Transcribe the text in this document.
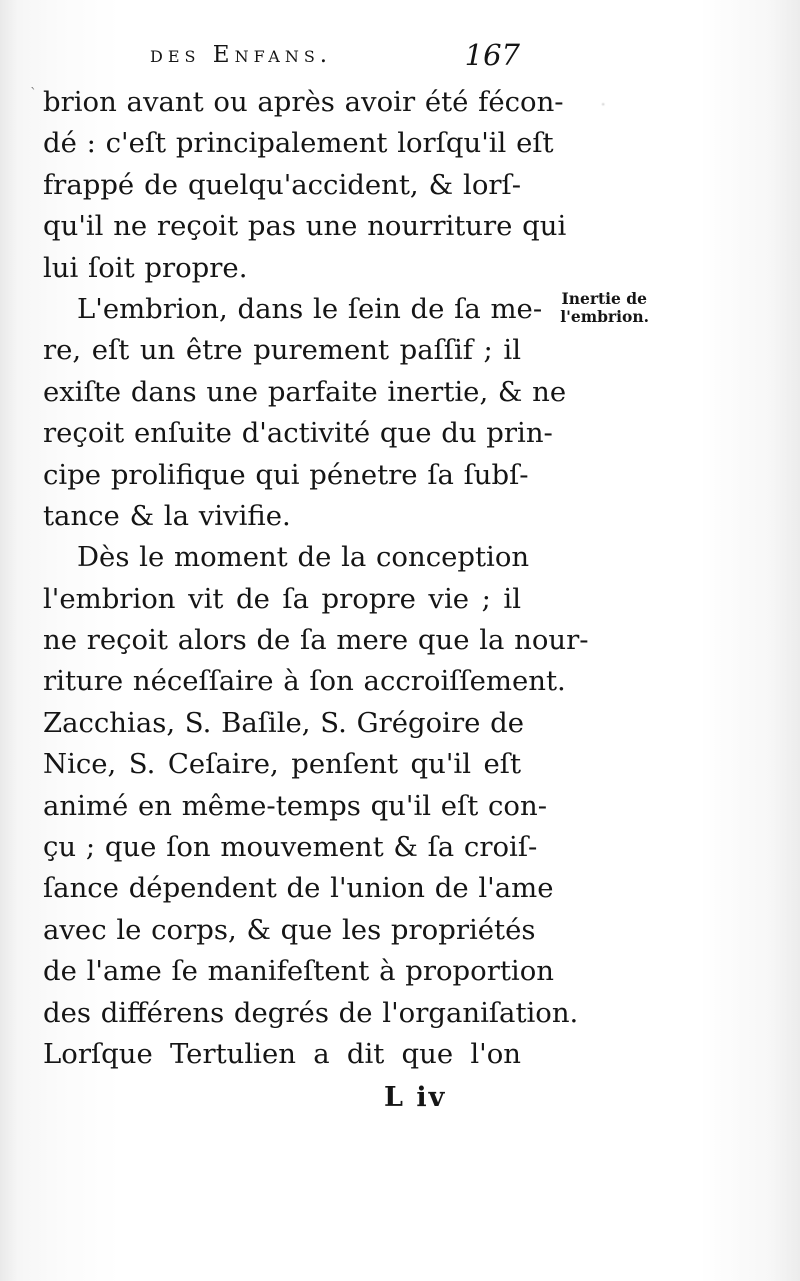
·
des Enfans.	167
` brion avant ou après avoir été fécon-
dé : c'eſt principalement lorſqu'il eſt
frappé de quelqu'accident, & lorſ-
qu'il ne reçoit pas une nourriture qui
lui ſoit propre.
L'embrion, dans le ſein de ſa me-
re, eſt un être purement paſſif ; il
exiſte dans une parfaite inertie, & ne
reçoit enſuite d'activité que du prin-
cipe prolifique qui pénetre ſa ſubſ-
tance & la vivifie.
Dès le moment de la conception
l'embrion vit de ſa propre vie ; il
ne reçoit alors de ſa mere que la nour-
riture néceſſaire à ſon accroiſſement.
Zacchias, S. Baſile, S. Grégoire de
Nice, S. Ceſaire, penſent qu'il eſt
animé en même-temps qu'il eſt con-
çu ; que ſon mouvement & ſa croiſ-
ſance dépendent de l'union de l'ame
avec le corps, & que les propriétés
de l'ame ſe manifeſtent à proportion
des différens degrés de l'organiſation.
Lorſque Tertulien a dit que l'on
Inertie de
l'embrion.
L iv
